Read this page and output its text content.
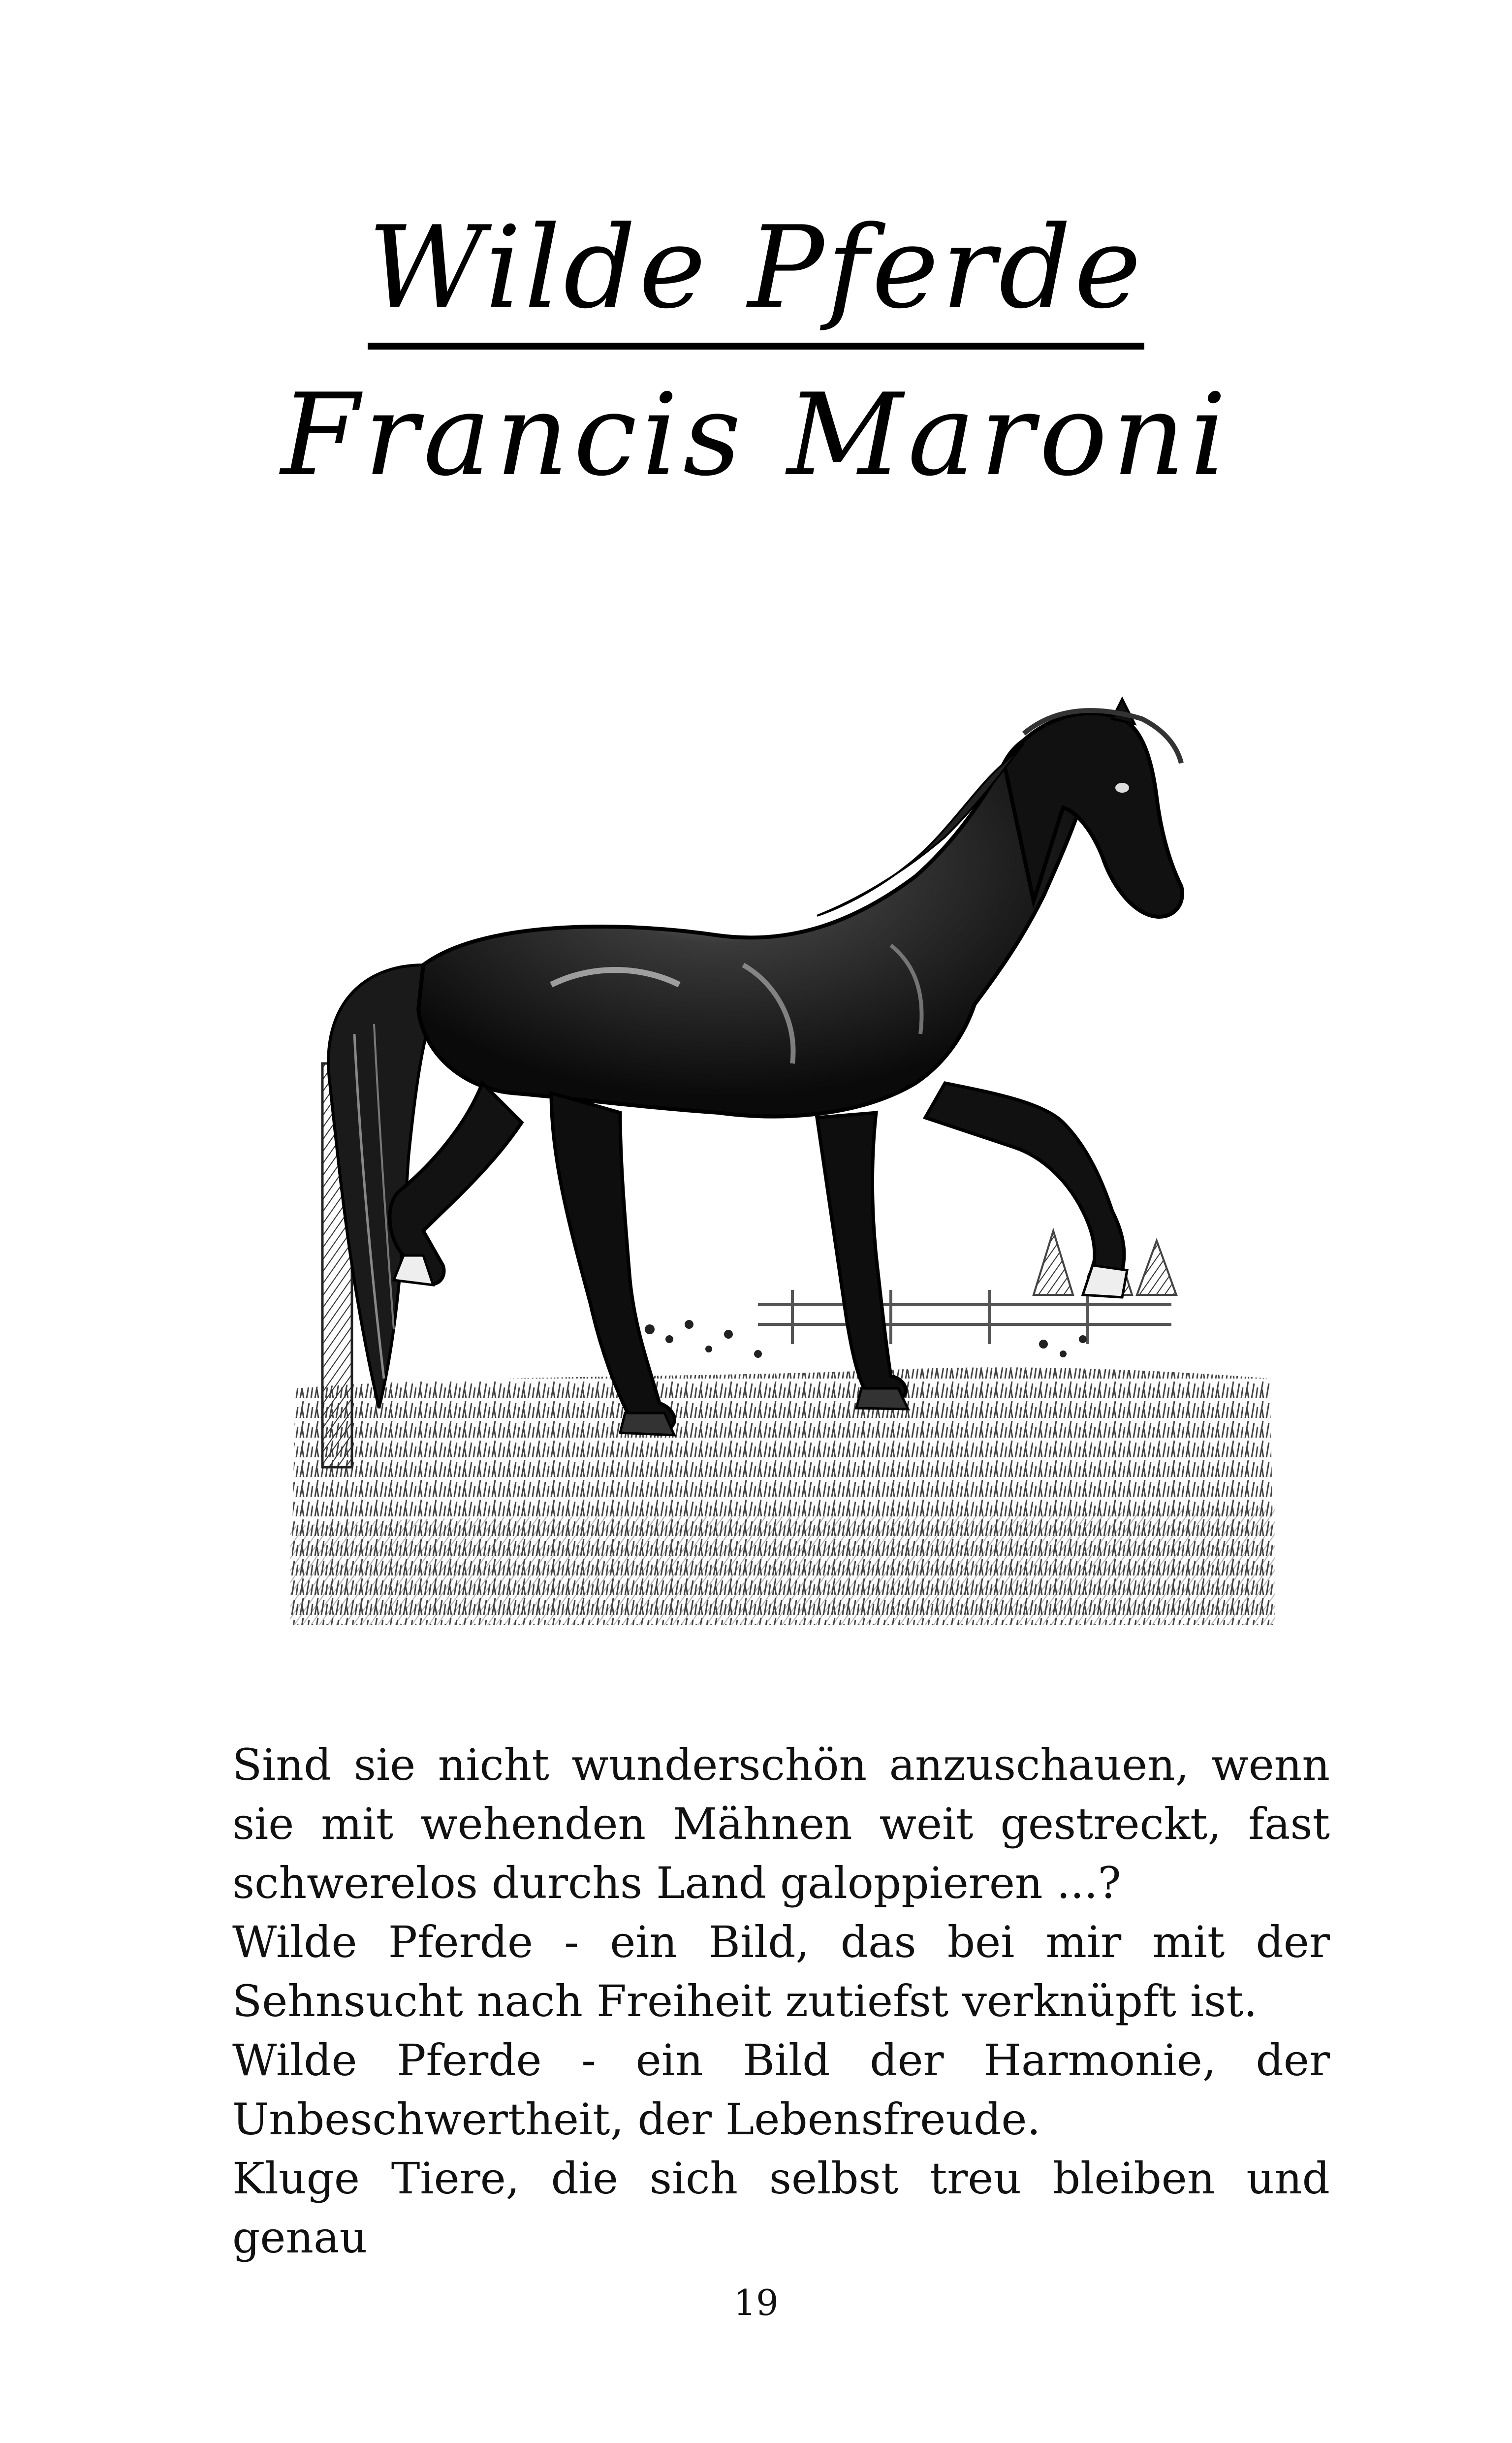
Wilde Pferde
Francis Maroni

Sind sie nicht wunderschön anzuschauen, wenn sie mit wehenden Mähnen weit gestreckt, fast schwerelos durchs Land galoppieren ...?

Wilde Pferde - ein Bild, das bei mir mit der Sehnsucht nach Freiheit zutiefst verknüpft ist.

Wilde Pferde - ein Bild der Harmonie, der Unbeschwertheit, der Lebensfreude.

Kluge Tiere, die sich selbst treu bleiben und genau

19
